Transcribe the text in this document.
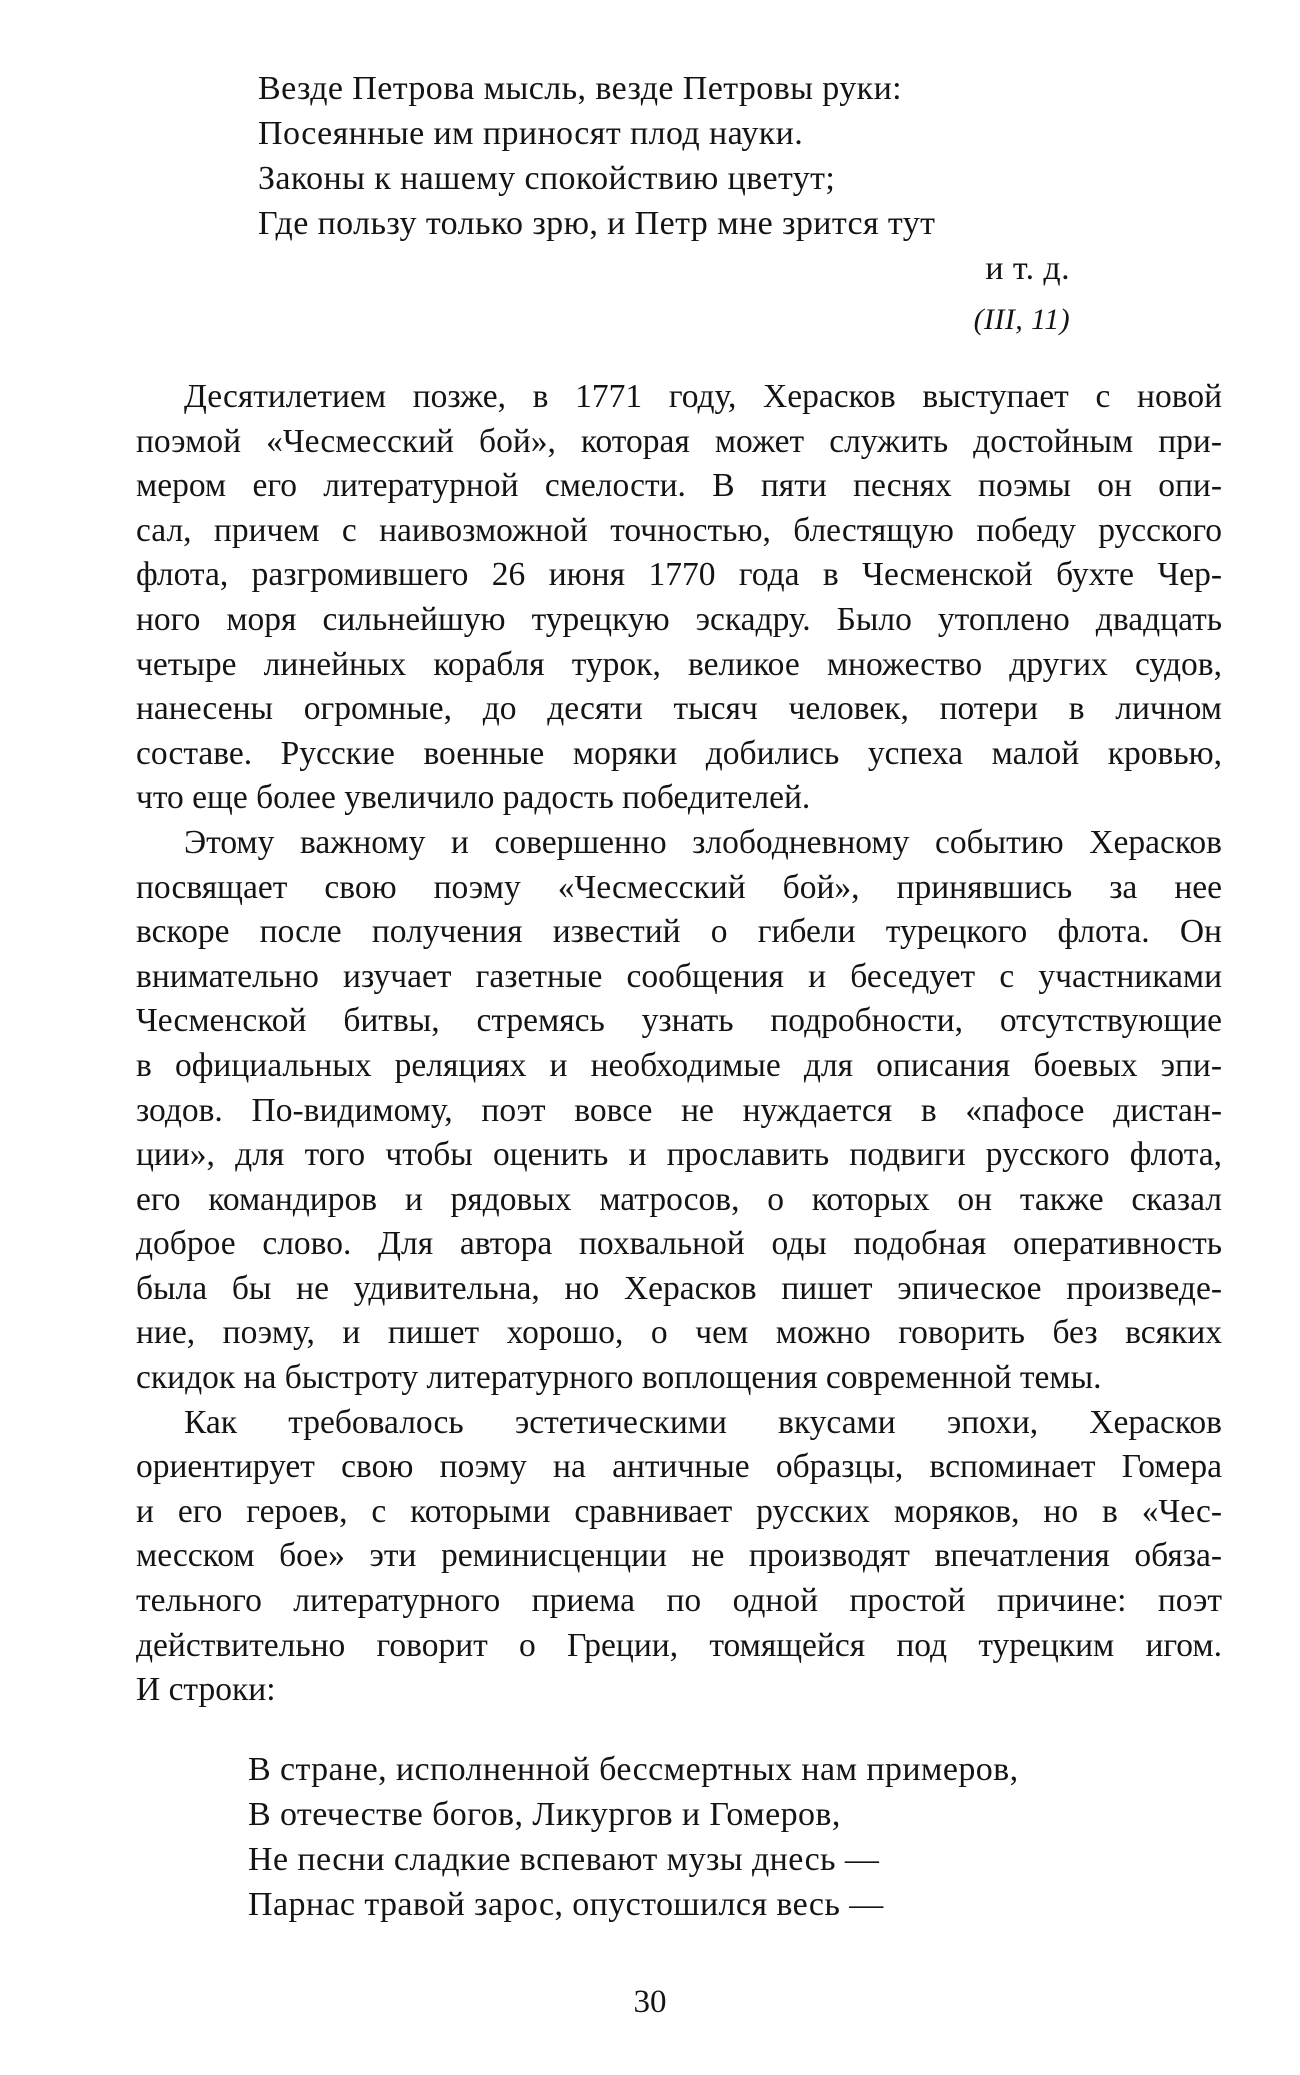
Везде Петрова мысль, везде Петровы руки:
Посеянные им приносят плод науки.
Законы к нашему спокойствию цветут;
Где пользу только зрю, и Петр мне зрится тут
и т. д.
(III, 11)

Десятилетием позже, в 1771 году, Херасков выступает с новой
поэмой «Чесмесский бой», которая может служить достойным при-
мером его литературной смелости. В пяти песнях поэмы он опи-
сал, причем с наивозможной точностью, блестящую победу русского
флота, разгромившего 26 июня 1770 года в Чесменской бухте Чер-
ного моря сильнейшую турецкую эскадру. Было утоплено двадцать
четыре линейных корабля турок, великое множество других судов,
нанесены огромные, до десяти тысяч человек, потери в личном
составе. Русские военные моряки добились успеха малой кровью,
что еще более увеличило радость победителей.

Этому важному и совершенно злободневному событию Херасков
посвящает свою поэму «Чесмесский бой», принявшись за нее
вскоре после получения известий о гибели турецкого флота. Он
внимательно изучает газетные сообщения и беседует с участниками
Чесменской битвы, стремясь узнать подробности, отсутствующие
в официальных реляциях и необходимые для описания боевых эпи-
зодов. По-видимому, поэт вовсе не нуждается в «пафосе дистан-
ции», для того чтобы оценить и прославить подвиги русского флота,
его командиров и рядовых матросов, о которых он также сказал
доброе слово. Для автора похвальной оды подобная оперативность
была бы не удивительна, но Херасков пишет эпическое произведе-
ние, поэму, и пишет хорошо, о чем можно говорить без всяких
скидок на быстроту литературного воплощения современной темы.

Как требовалось эстетическими вкусами эпохи, Херасков
ориентирует свою поэму на античные образцы, вспоминает Гомера
и его героев, с которыми сравнивает русских моряков, но в «Чес-
месском бое» эти реминисценции не производят впечатления обяза-
тельного литературного приема по одной простой причине: поэт
действительно говорит о Греции, томящейся под турецким игом.
И строки:

В стране, исполненной бессмертных нам примеров,
В отечестве богов, Ликургов и Гомеров,
Не песни сладкие вспевают музы днесь —
Парнас травой зарос, опустошился весь —
30
